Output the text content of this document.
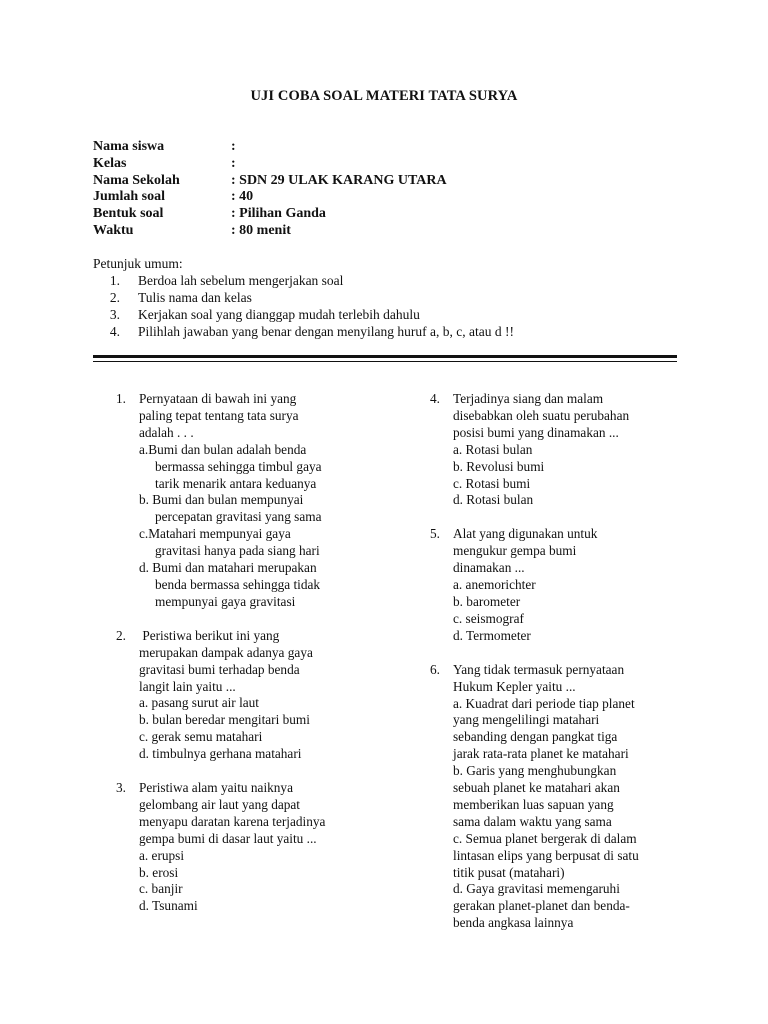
UJI COBA SOAL MATERI TATA SURYA
Nama siswa	:
Kelas	:
Nama Sekolah	: SDN 29 ULAK KARANG UTARA
Jumlah soal	: 40
Bentuk soal	: Pilihan Ganda
Waktu	: 80 menit
Petunjuk umum:
1. Berdoa lah sebelum mengerjakan soal
2. Tulis nama dan kelas
3. Kerjakan soal yang dianggap mudah terlebih dahulu
4. Pilihlah jawaban yang benar dengan menyilang huruf a, b, c, atau d !!
1. Pernyataan di bawah ini yang
paling tepat tentang tata surya
adalah . . .
a.Bumi dan bulan adalah benda
bermassa sehingga timbul gaya
tarik menarik antara keduanya
b. Bumi dan bulan mempunyai
percepatan gravitasi yang sama
c.Matahari mempunyai gaya
gravitasi hanya pada siang hari
d. Bumi dan matahari merupakan
benda bermassa sehingga tidak
mempunyai gaya gravitasi
2. Peristiwa berikut ini yang
merupakan dampak adanya gaya
gravitasi bumi terhadap benda
langit lain yaitu ...
a. pasang surut air laut
b. bulan beredar mengitari bumi
c. gerak semu matahari
d. timbulnya gerhana matahari
3. Peristiwa alam yaitu naiknya
gelombang air laut yang dapat
menyapu daratan karena terjadinya
gempa bumi di dasar laut yaitu ...
a. erupsi
b. erosi
c. banjir
d. Tsunami
4. Terjadinya siang dan malam
disebabkan oleh suatu perubahan
posisi bumi yang dinamakan ...
a. Rotasi bulan
b. Revolusi bumi
c. Rotasi bumi
d. Rotasi bulan
5. Alat yang digunakan untuk
mengukur gempa bumi
dinamakan ...
a. anemorichter
b. barometer
c. seismograf
d. Termometer
6. Yang tidak termasuk pernyataan
Hukum Kepler yaitu ...
a. Kuadrat dari periode tiap planet
yang mengelilingi matahari
sebanding dengan pangkat tiga
jarak rata-rata planet ke matahari
b. Garis yang menghubungkan
sebuah planet ke matahari akan
memberikan luas sapuan yang
sama dalam waktu yang sama
c. Semua planet bergerak di dalam
lintasan elips yang berpusat di satu
titik pusat (matahari)
d. Gaya gravitasi memengaruhi
gerakan planet-planet dan benda-
benda angkasa lainnya
